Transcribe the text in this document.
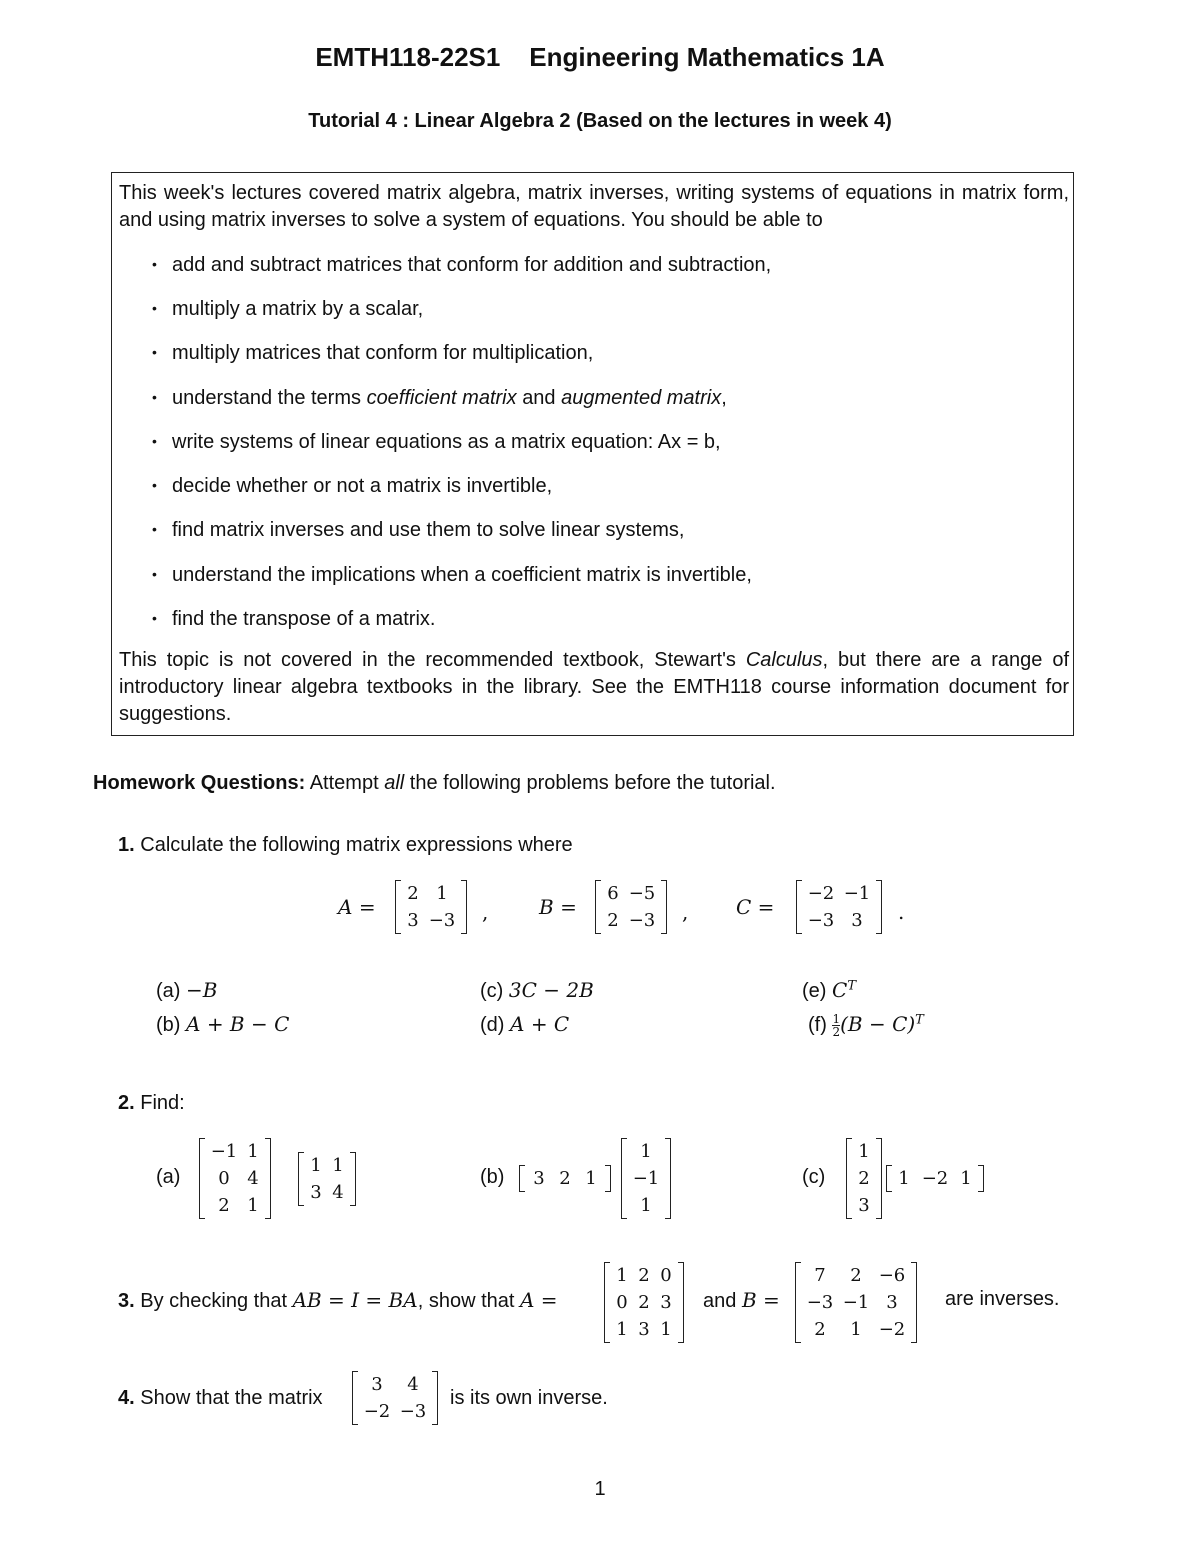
EMTH118-22S1 Engineering Mathematics 1A
Tutorial 4 : Linear Algebra 2 (Based on the lectures in week 4)
This week's lectures covered matrix algebra, matrix inverses, writing systems of equations in matrix form, and using matrix inverses to solve a system of equations. You should be able to
• add and subtract matrices that conform for addition and subtraction,
• multiply a matrix by a scalar,
• multiply matrices that conform for multiplication,
• understand the terms coefficient matrix and augmented matrix,
• write systems of linear equations as a matrix equation: Ax = b,
• decide whether or not a matrix is invertible,
• find matrix inverses and use them to solve linear systems,
• understand the implications when a coefficient matrix is invertible,
• find the transpose of a matrix.
This topic is not covered in the recommended textbook, Stewart's Calculus, but there are a range of introductory linear algebra textbooks in the library. See the EMTH118 course information document for suggestions.
Homework Questions: Attempt all the following problems before the tutorial.
1. Calculate the following matrix expressions where
A =
2 1
3 −3 ,	B =
6 −5
2 −3 , C =
−2 −1
−3 3	.
(a) −B
(b) A + B − C
(c) 3C − 2B
(d) A + C
(e) $C^T$
$(f) \frac{1}{2} (B - C)^T$
2. Find:
(a)
−1 1
0 4
2 1
1 1
3 4
(b)	3 2 1
1
−1
1
(c)
1
2
3
1 −2 1
3. By checking that AB = I = BA, show that A =
1 2 0
0 2 3
1 3 1
and B =
7	2 −6
−3 −1 3
2	1 −2
are inverses.
4. Show that the matrix
3	4
−2 −3
is its own inverse.
1
